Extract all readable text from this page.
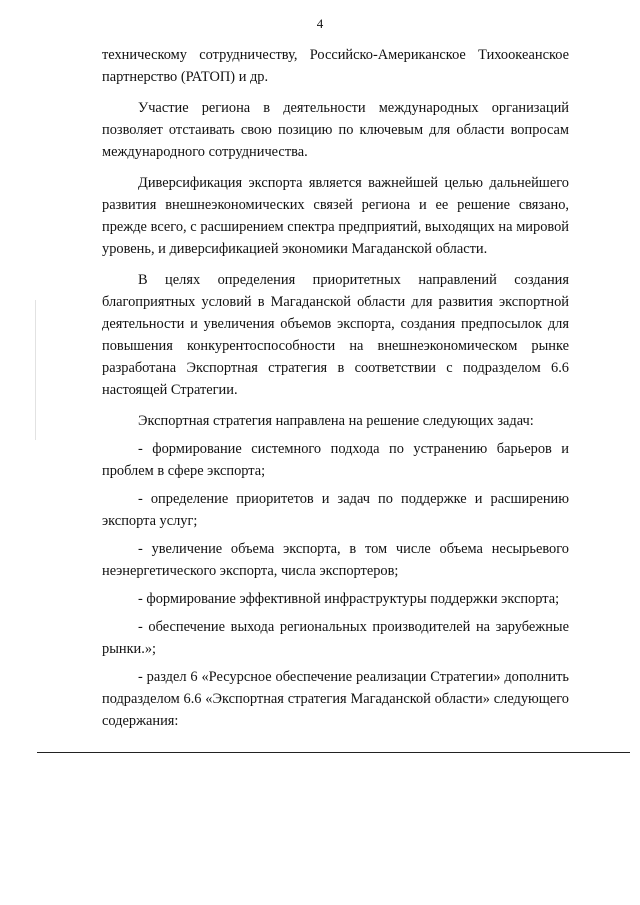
4

техническому сотрудничеству, Российско-Американское Тихоокеанское партнерство (РАТОП) и др.

Участие региона в деятельности международных организаций позволяет отстаивать свою позицию по ключевым для области вопросам международного сотрудничества.

Диверсификация экспорта является важнейшей целью дальнейшего развития внешнеэкономических связей региона и ее решение связано, прежде всего, с расширением спектра предприятий, выходящих на мировой уровень, и диверсификацией экономики Магаданской области.

В целях определения приоритетных направлений создания благоприятных условий в Магаданской области для развития экспортной деятельности и увеличения объемов экспорта, создания предпосылок для повышения конкурентоспособности на внешнеэкономическом рынке разработана Экспортная стратегия в соответствии с подразделом 6.6 настоящей Стратегии.

Экспортная стратегия направлена на решение следующих задач:

- формирование системного подхода по устранению барьеров и проблем в сфере экспорта;

- определение приоритетов и задач по поддержке и расширению экспорта услуг;

- увеличение объема экспорта, в том числе объема несырьевого неэнергетического экспорта, числа экспортеров;

- формирование эффективной инфраструктуры поддержки экспорта;

- обеспечение выхода региональных производителей на зарубежные рынки.»;

- раздел 6 «Ресурсное обеспечение реализации Стратегии» дополнить подразделом 6.6 «Экспортная стратегия Магаданской области» следующего содержания:
